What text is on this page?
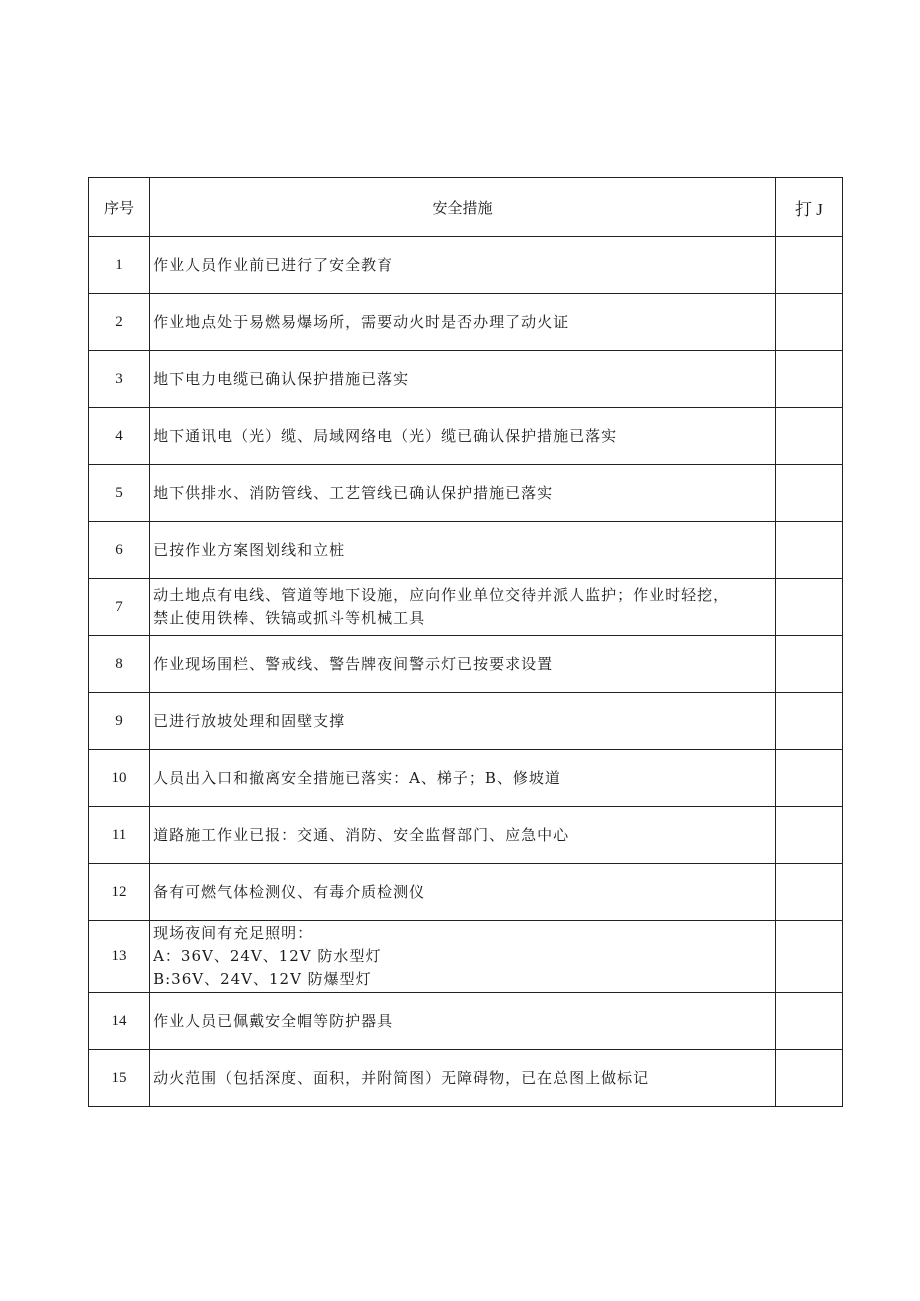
序号	安全措施	打 J
1	作业人员作业前已进行了安全教育	

2	作业地点处于易燃易爆场所，需要动火时是否办理了动火证	

3	地下电力电缆已确认保护措施已落实	

4	地下通讯电（光）缆、局域网络电（光）缆已确认保护措施已落实	

5	地下供排水、消防管线、工艺管线已确认保护措施已落实	

6	已按作业方案图划线和立桩	

7	动土地点有电线、管道等地下设施，应向作业单位交待并派人监护；作业时轻挖，
禁止使用铁棒、铁镐或抓斗等机械工具	

8	作业现场围栏、警戒线、警告牌夜间警示灯已按要求设置	

9	已进行放坡处理和固壁支撑	

10	人员出入口和撤离安全措施已落实：A、梯子；B、修坡道	

11	道路施工作业已报：交通、消防、安全监督部门、应急中心	

12	备有可燃气体检测仪、有毒介质检测仪	

13	现场夜间有充足照明：
A：36V、24V、12V 防水型灯
B:36V、24V、12V 防爆型灯	

14	作业人员已佩戴安全帽等防护器具	

15	动火范围（包括深度、面积，并附简图）无障碍物，已在总图上做标记	
